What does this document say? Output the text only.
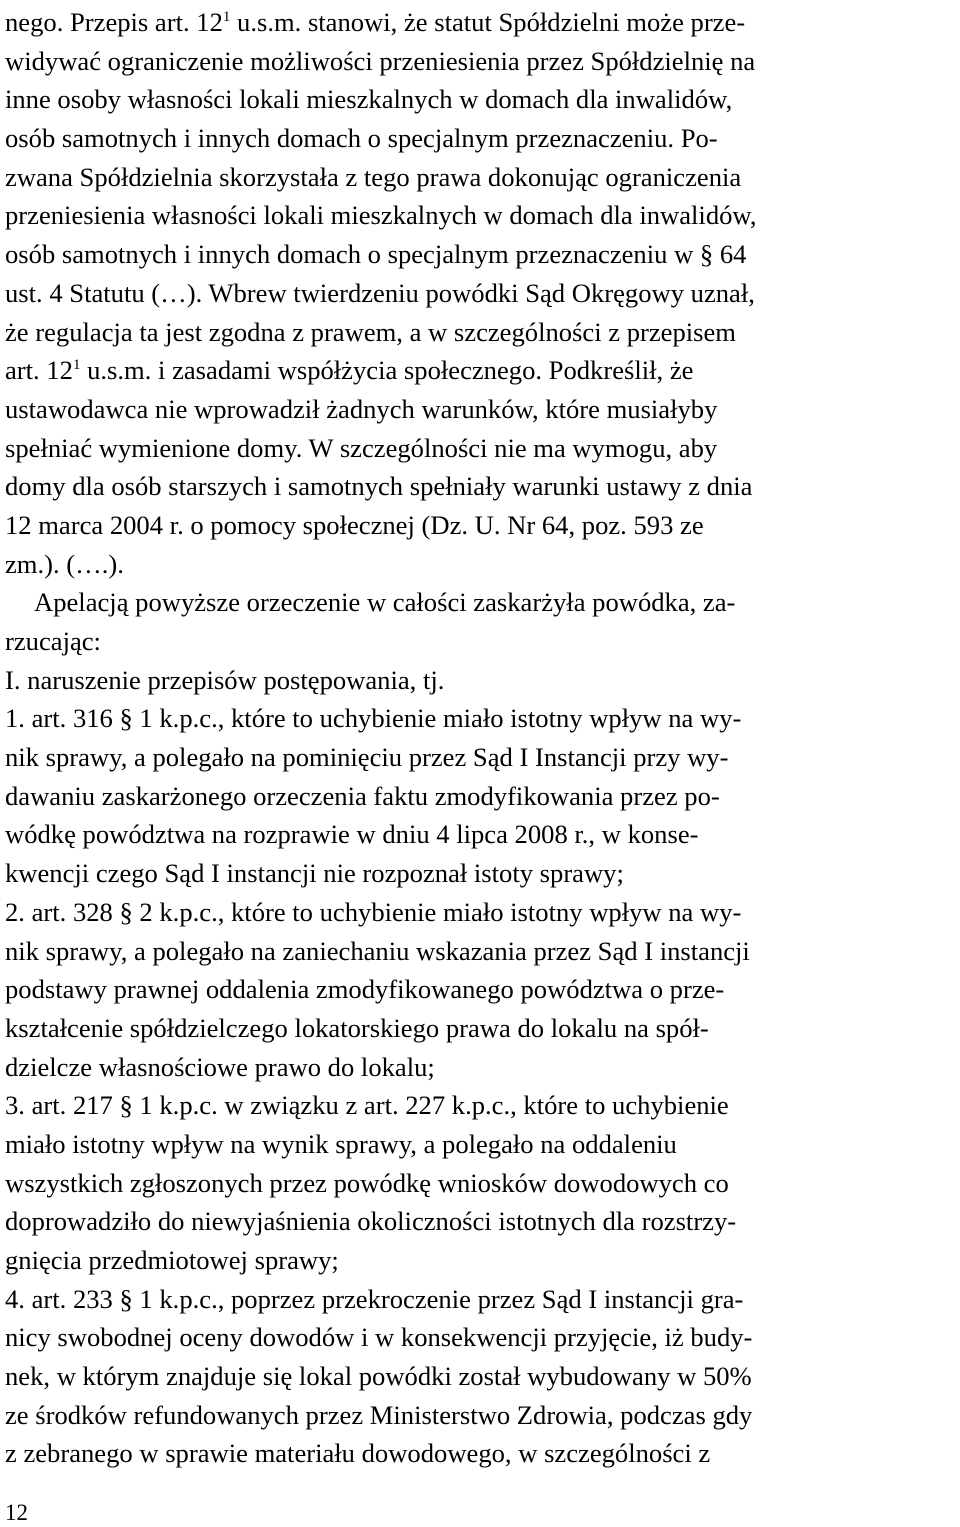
nego. Przepis art. $12^1$ u.s.m. stanowi, że statut Spółdzielni może prze-
widywać ograniczenie możliwości przeniesienia przez Spółdzielnię na
inne osoby własności lokali mieszkalnych w domach dla inwalidów,
osób samotnych i innych domach o specjalnym przeznaczeniu. Po-
zwana Spółdzielnia skorzystała z tego prawa dokonując ograniczenia
przeniesienia własności lokali mieszkalnych w domach dla inwalidów,
osób samotnych i innych domach o specjalnym przeznaczeniu w § 64
ust. 4 Statutu (…). Wbrew twierdzeniu powódki Sąd Okręgowy uznał,
że regulacja ta jest zgodna z prawem, a w szczególności z przepisem
art. $12^1$ u.s.m. i zasadami współżycia społecznego. Podkreślił, że
ustawodawca nie wprowadził żadnych warunków, które musiałyby
spełniać wymienione domy. W szczególności nie ma wymogu, aby
domy dla osób starszych i samotnych spełniały warunki ustawy z dnia
12 marca 2004 r. o pomocy społecznej (Dz. U. Nr 64, poz. 593 ze
zm.). (….).
Apelacją powyższe orzeczenie w całości zaskarżyła powódka, za-
rzucając:
I. naruszenie przepisów postępowania, tj.
1. art. 316 § 1 k.p.c., które to uchybienie miało istotny wpływ na wy-
nik sprawy, a polegało na pominięciu przez Sąd I Instancji przy wy-
dawaniu zaskarżonego orzeczenia faktu zmodyfikowania przez po-
wódkę powództwa na rozprawie w dniu 4 lipca 2008 r., w konse-
kwencji czego Sąd I instancji nie rozpoznał istoty sprawy;
2. art. 328 § 2 k.p.c., które to uchybienie miało istotny wpływ na wy-
nik sprawy, a polegało na zaniechaniu wskazania przez Sąd I instancji
podstawy prawnej oddalenia zmodyfikowanego powództwa o prze-
kształcenie spółdzielczego lokatorskiego prawa do lokalu na spół-
dzielcze własnościowe prawo do lokalu;
3. art. 217 § 1 k.p.c. w związku z art. 227 k.p.c., które to uchybienie
miało istotny wpływ na wynik sprawy, a polegało na oddaleniu
wszystkich zgłoszonych przez powódkę wniosków dowodowych co
doprowadziło do niewyjaśnienia okoliczności istotnych dla rozstrzy-
gnięcia przedmiotowej sprawy;
4. art. 233 § 1 k.p.c., poprzez przekroczenie przez Sąd I instancji gra-
nicy swobodnej oceny dowodów i w konsekwencji przyjęcie, iż budy-
nek, w którym znajduje się lokal powódki został wybudowany w 50%
ze środków refundowanych przez Ministerstwo Zdrowia, podczas gdy
z zebranego w sprawie materiału dowodowego, w szczególności z
12
